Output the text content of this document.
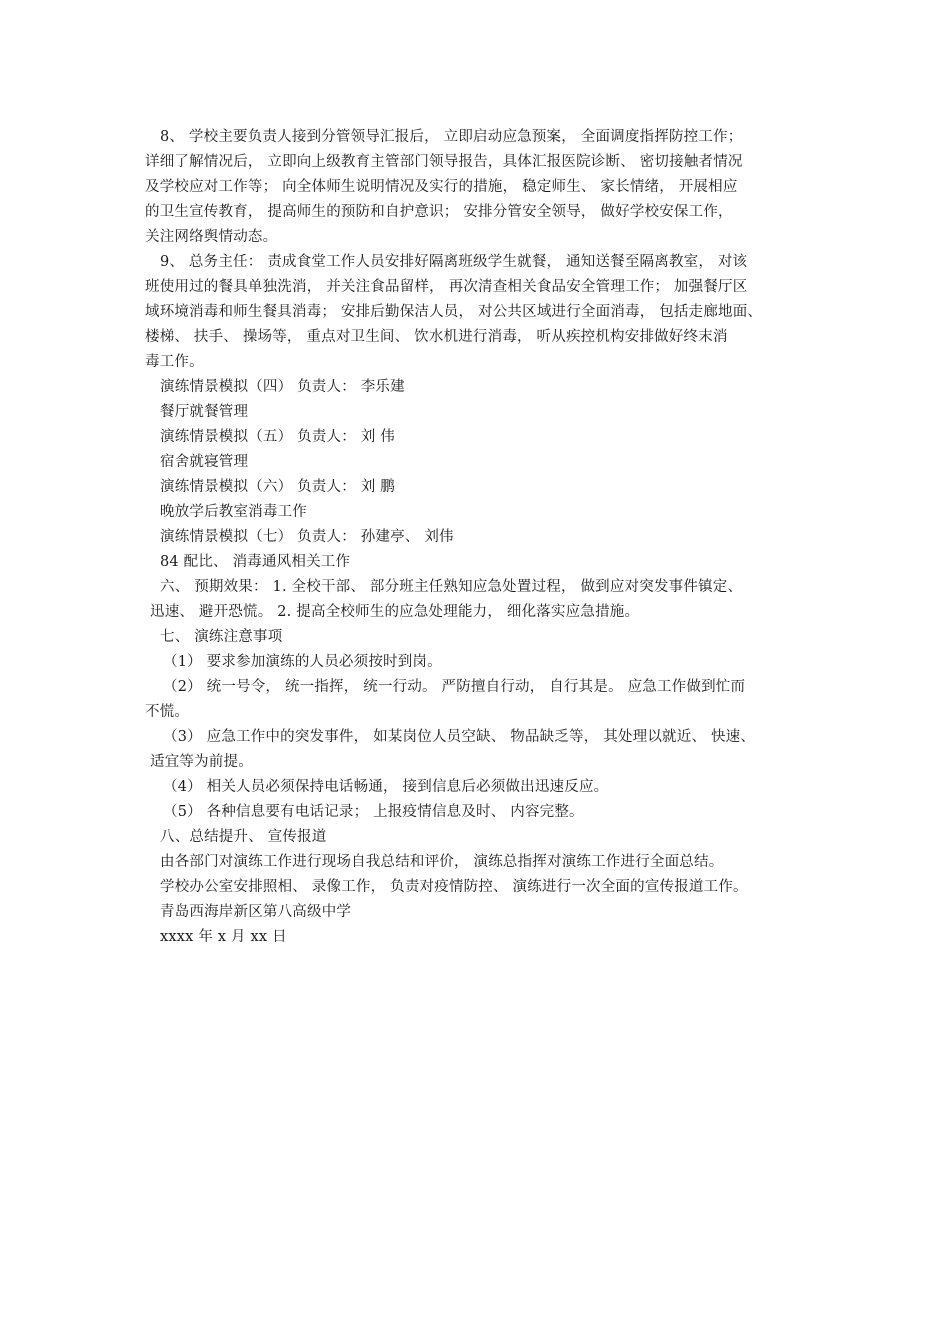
8、 学校主要负责人接到分管领导汇报后， 立即启动应急预案， 全面调度指挥防控工作；
详细了解情况后， 立即向上级教育主管部门领导报告，具体汇报医院诊断、 密切接触者情况
及学校应对工作等； 向全体师生说明情况及实行的措施， 稳定师生、 家长情绪， 开展相应
的卫生宣传教育， 提高师生的预防和自护意识； 安排分管安全领导， 做好学校安保工作，
关注网络舆情动态。
9、 总务主任： 责成食堂工作人员安排好隔离班级学生就餐， 通知送餐至隔离教室， 对该
班使用过的餐具单独洗消， 并关注食品留样， 再次清查相关食品安全管理工作； 加强餐厅区
域环境消毒和师生餐具消毒； 安排后勤保洁人员， 对公共区域进行全面消毒， 包括走廊地面、
楼梯、 扶手、 操场等， 重点对卫生间、 饮水机进行消毒， 听从疾控机构安排做好终末消
毒工作。
演练情景模拟（四） 负责人： 李乐建
餐厅就餐管理
演练情景模拟（五） 负责人： 刘 伟
宿舍就寝管理
演练情景模拟（六） 负责人： 刘 鹏
晚放学后教室消毒工作
演练情景模拟（七） 负责人： 孙建亭、 刘伟
84 配比、 消毒通风相关工作
六、 预期效果： 1. 全校干部、 部分班主任熟知应急处置过程， 做到应对突发事件镇定、
迅速、 避开恐慌。 2. 提高全校师生的应急处理能力， 细化落实应急措施。
七、 演练注意事项
（1） 要求参加演练的人员必须按时到岗。
（2） 统一号令， 统一指挥， 统一行动。 严防擅自行动， 自行其是。 应急工作做到忙而
不慌。
（3） 应急工作中的突发事件， 如某岗位人员空缺、 物品缺乏等， 其处理以就近、 快速、
适宜等为前提。
（4） 相关人员必须保持电话畅通， 接到信息后必须做出迅速反应。
（5） 各种信息要有电话记录； 上报疫情信息及时、 内容完整。
八、总结提升、 宣传报道
由各部门对演练工作进行现场自我总结和评价， 演练总指挥对演练工作进行全面总结。
学校办公室安排照相、 录像工作， 负责对疫情防控、 演练进行一次全面的宣传报道工作。
青岛西海岸新区第八高级中学
xxxx 年 x 月 xx 日
